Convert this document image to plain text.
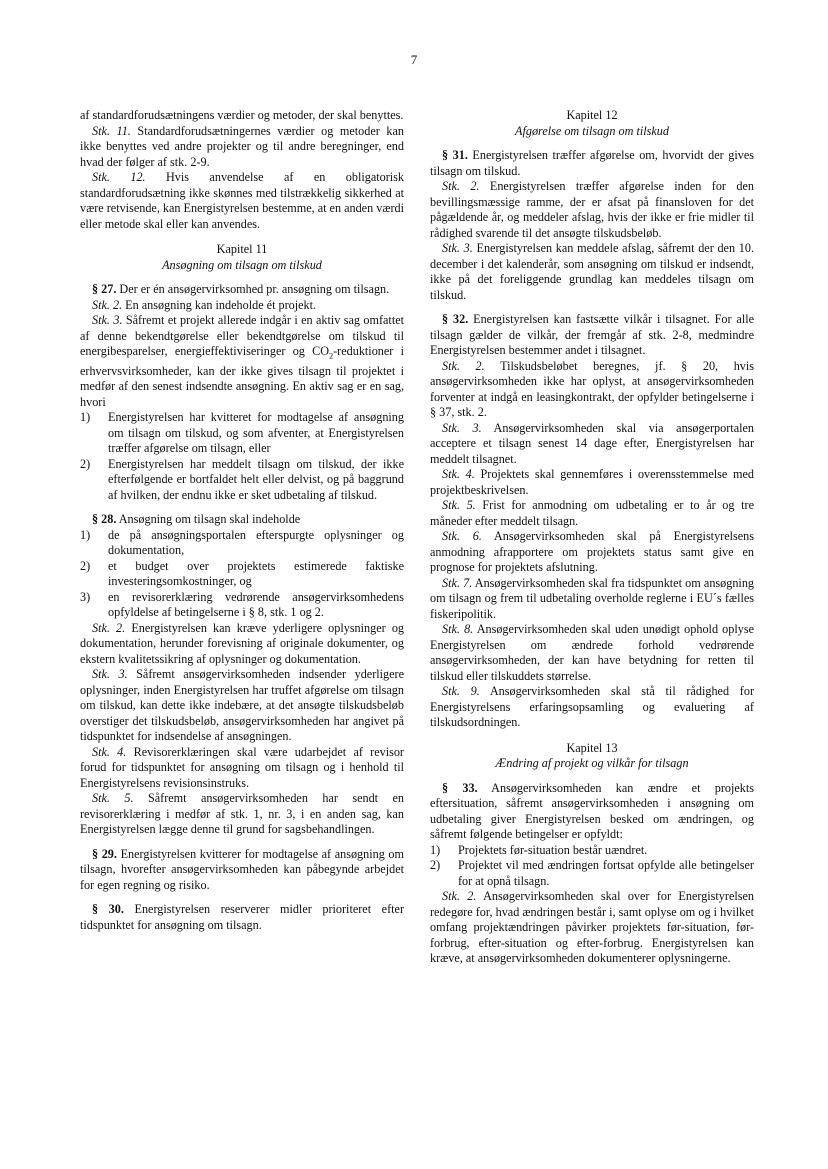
7

af standardforudsætningens værdier og metoder, der skal benyttes.

Stk. 11. Standardforudsætningernes værdier og metoder kan ikke benyttes ved andre projekter og til andre beregninger, end hvad der følger af stk. 2-9.

Stk. 12. Hvis anvendelse af en obligatorisk standardforudsætning ikke skønnes med tilstrækkelig sikkerhed at være retvisende, kan Energistyrelsen bestemme, at en anden værdi eller metode skal eller kan anvendes.

Kapitel 11

Ansøgning om tilsagn om tilskud

§ 27. Der er én ansøgervirksomhed pr. ansøgning om tilsagn.

Stk. 2. En ansøgning kan indeholde ét projekt.

Stk. 3. Såfremt et projekt allerede indgår i en aktiv sag omfattet af denne bekendtgørelse eller bekendtgørelse om tilskud til energibesparelser, energieffektiviseringer og $CO_2$-reduktioner i erhvervsvirksomheder, kan der ikke gives tilsagn til projektet i medfør af den senest indsendte ansøgning. En aktiv sag er en sag, hvori

1)	Energistyrelsen har kvitteret for modtagelse af ansøgning om tilsagn om tilskud, og som afventer, at Energistyrelsen træffer afgørelse om tilsagn, eller
2)	Energistyrelsen har meddelt tilsagn om tilskud, der ikke efterfølgende er bortfaldet helt eller delvist, og på baggrund af hvilken, der endnu ikke er sket udbetaling af tilskud.

§ 28. Ansøgning om tilsagn skal indeholde

1)	de på ansøgningsportalen efterspurgte oplysninger og dokumentation,
2)	et budget over projektets estimerede faktiske investeringsomkostninger, og
3)	en revisorerklæring vedrørende ansøgervirksomhedens opfyldelse af betingelserne i § 8, stk. 1 og 2.

Stk. 2. Energistyrelsen kan kræve yderligere oplysninger og dokumentation, herunder forevisning af originale dokumenter, og ekstern kvalitetssikring af oplysninger og dokumentation.

Stk. 3. Såfremt ansøgervirksomheden indsender yderligere oplysninger, inden Energistyrelsen har truffet afgørelse om tilsagn om tilskud, kan dette ikke indebære, at det ansøgte tilskudsbeløb overstiger det tilskudsbeløb, ansøgervirksomheden har angivet på tidspunktet for indsendelse af ansøgningen.

Stk. 4. Revisorerklæringen skal være udarbejdet af revisor forud for tidspunktet for ansøgning om tilsagn og i henhold til Energistyrelsens revisionsinstruks.

Stk. 5. Såfremt ansøgervirksomheden har sendt en revisorerklæring i medfør af stk. 1, nr. 3, i en anden sag, kan Energistyrelsen lægge denne til grund for sagsbehandlingen.

§ 29. Energistyrelsen kvitterer for modtagelse af ansøgning om tilsagn, hvorefter ansøgervirksomheden kan påbegynde arbejdet for egen regning og risiko.

§ 30. Energistyrelsen reserverer midler prioriteret efter tidspunktet for ansøgning om tilsagn.

Kapitel 12

Afgørelse om tilsagn om tilskud

§ 31. Energistyrelsen træffer afgørelse om, hvorvidt der gives tilsagn om tilskud.

Stk. 2. Energistyrelsen træffer afgørelse inden for den bevillingsmæssige ramme, der er afsat på finansloven for det pågældende år, og meddeler afslag, hvis der ikke er frie midler til rådighed svarende til det ansøgte tilskudsbeløb.

Stk. 3. Energistyrelsen kan meddele afslag, såfremt der den 10. december i det kalenderår, som ansøgning om tilskud er indsendt, ikke på det foreliggende grundlag kan meddeles tilsagn om tilskud.

§ 32. Energistyrelsen kan fastsætte vilkår i tilsagnet. For alle tilsagn gælder de vilkår, der fremgår af stk. 2-8, medmindre Energistyrelsen bestemmer andet i tilsagnet.

Stk. 2. Tilskudsbeløbet beregnes, jf. § 20, hvis ansøgervirksomheden ikke har oplyst, at ansøgervirksomheden forventer at indgå en leasingkontrakt, der opfylder betingelserne i § 37, stk. 2.

Stk. 3. Ansøgervirksomheden skal via ansøgerportalen acceptere et tilsagn senest 14 dage efter, Energistyrelsen har meddelt tilsagnet.

Stk. 4. Projektets skal gennemføres i overensstemmelse med projektbeskrivelsen.

Stk. 5. Frist for anmodning om udbetaling er to år og tre måneder efter meddelt tilsagn.

Stk. 6. Ansøgervirksomheden skal på Energistyrelsens anmodning afrapportere om projektets status samt give en prognose for projektets afslutning.

Stk. 7. Ansøgervirksomheden skal fra tidspunktet om ansøgning om tilsagn og frem til udbetaling overholde reglerne i EU´s fælles fiskeripolitik.

Stk. 8. Ansøgervirksomheden skal uden unødigt ophold oplyse Energistyrelsen om ændrede forhold vedrørende ansøgervirksomheden, der kan have betydning for retten til tilskud eller tilskuddets størrelse.

Stk. 9. Ansøgervirksomheden skal stå til rådighed for Energistyrelsens erfaringsopsamling og evaluering af tilskudsordningen.

Kapitel 13

Ændring af projekt og vilkår for tilsagn

§ 33. Ansøgervirksomheden kan ændre et projekts eftersituation, såfremt ansøgervirksomheden i ansøgning om udbetaling giver Energistyrelsen besked om ændringen, og såfremt følgende betingelser er opfyldt:

1)	Projektets før-situation består uændret.
2)	Projektet vil med ændringen fortsat opfylde alle betingelser for at opnå tilsagn.

Stk. 2. Ansøgervirksomheden skal over for Energistyrelsen redegøre for, hvad ændringen består i, samt oplyse om og i hvilket omfang projektændringen påvirker projektets før-situation, før-forbrug, efter-situation og efter-forbrug. Energistyrelsen kan kræve, at ansøgervirksomheden dokumenterer oplysningerne.
